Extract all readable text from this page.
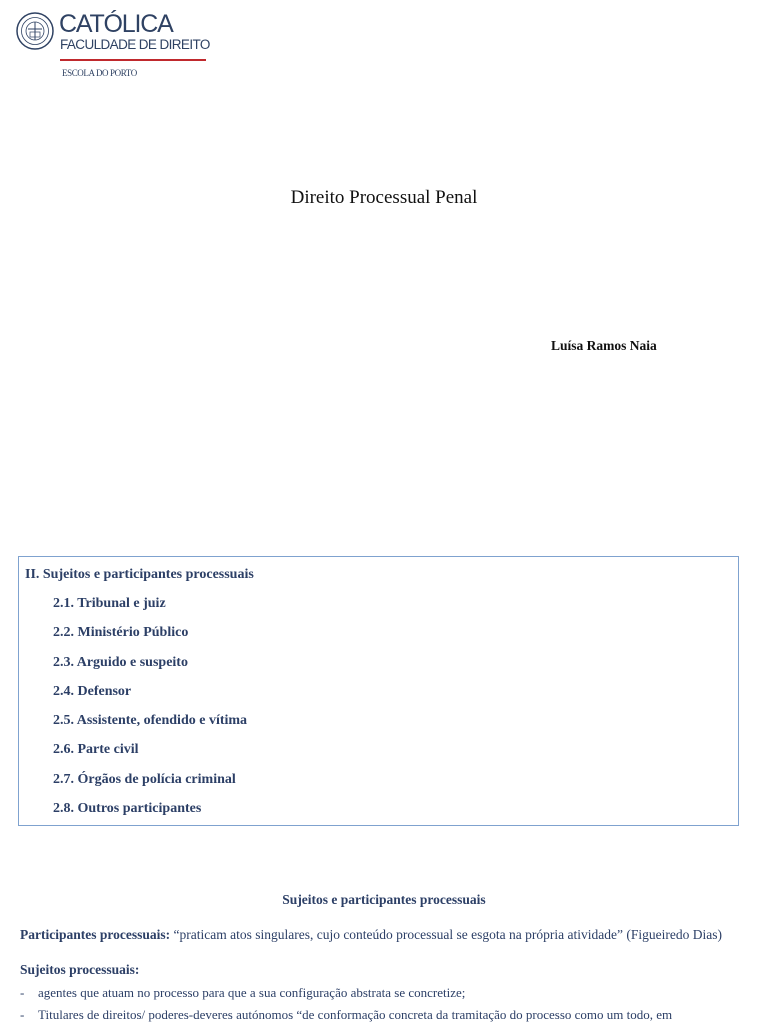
CATÓLICA
FACULDADE DE DIREITO
ESCOLA DO PORTO
Direito Processual Penal
Luísa Ramos Naia
II. Sujeitos e participantes processuais
2.1. Tribunal e juiz
2.2. Ministério Público
2.3. Arguido e suspeito
2.4. Defensor
2.5. Assistente, ofendido e vítima
2.6. Parte civil
2.7. Órgãos de polícia criminal
2.8. Outros participantes
Sujeitos e participantes processuais
Participantes processuais: “praticam atos singulares, cujo conteúdo processual se esgota na própria atividade” (Figueiredo Dias)
Sujeitos processuais:
- agentes que atuam no processo para que a sua configuração abstrata se concretize;
- Titulares de direitos/ poderes-deveres autónomos “de conformação concreta da tramitação do processo como um todo, em
